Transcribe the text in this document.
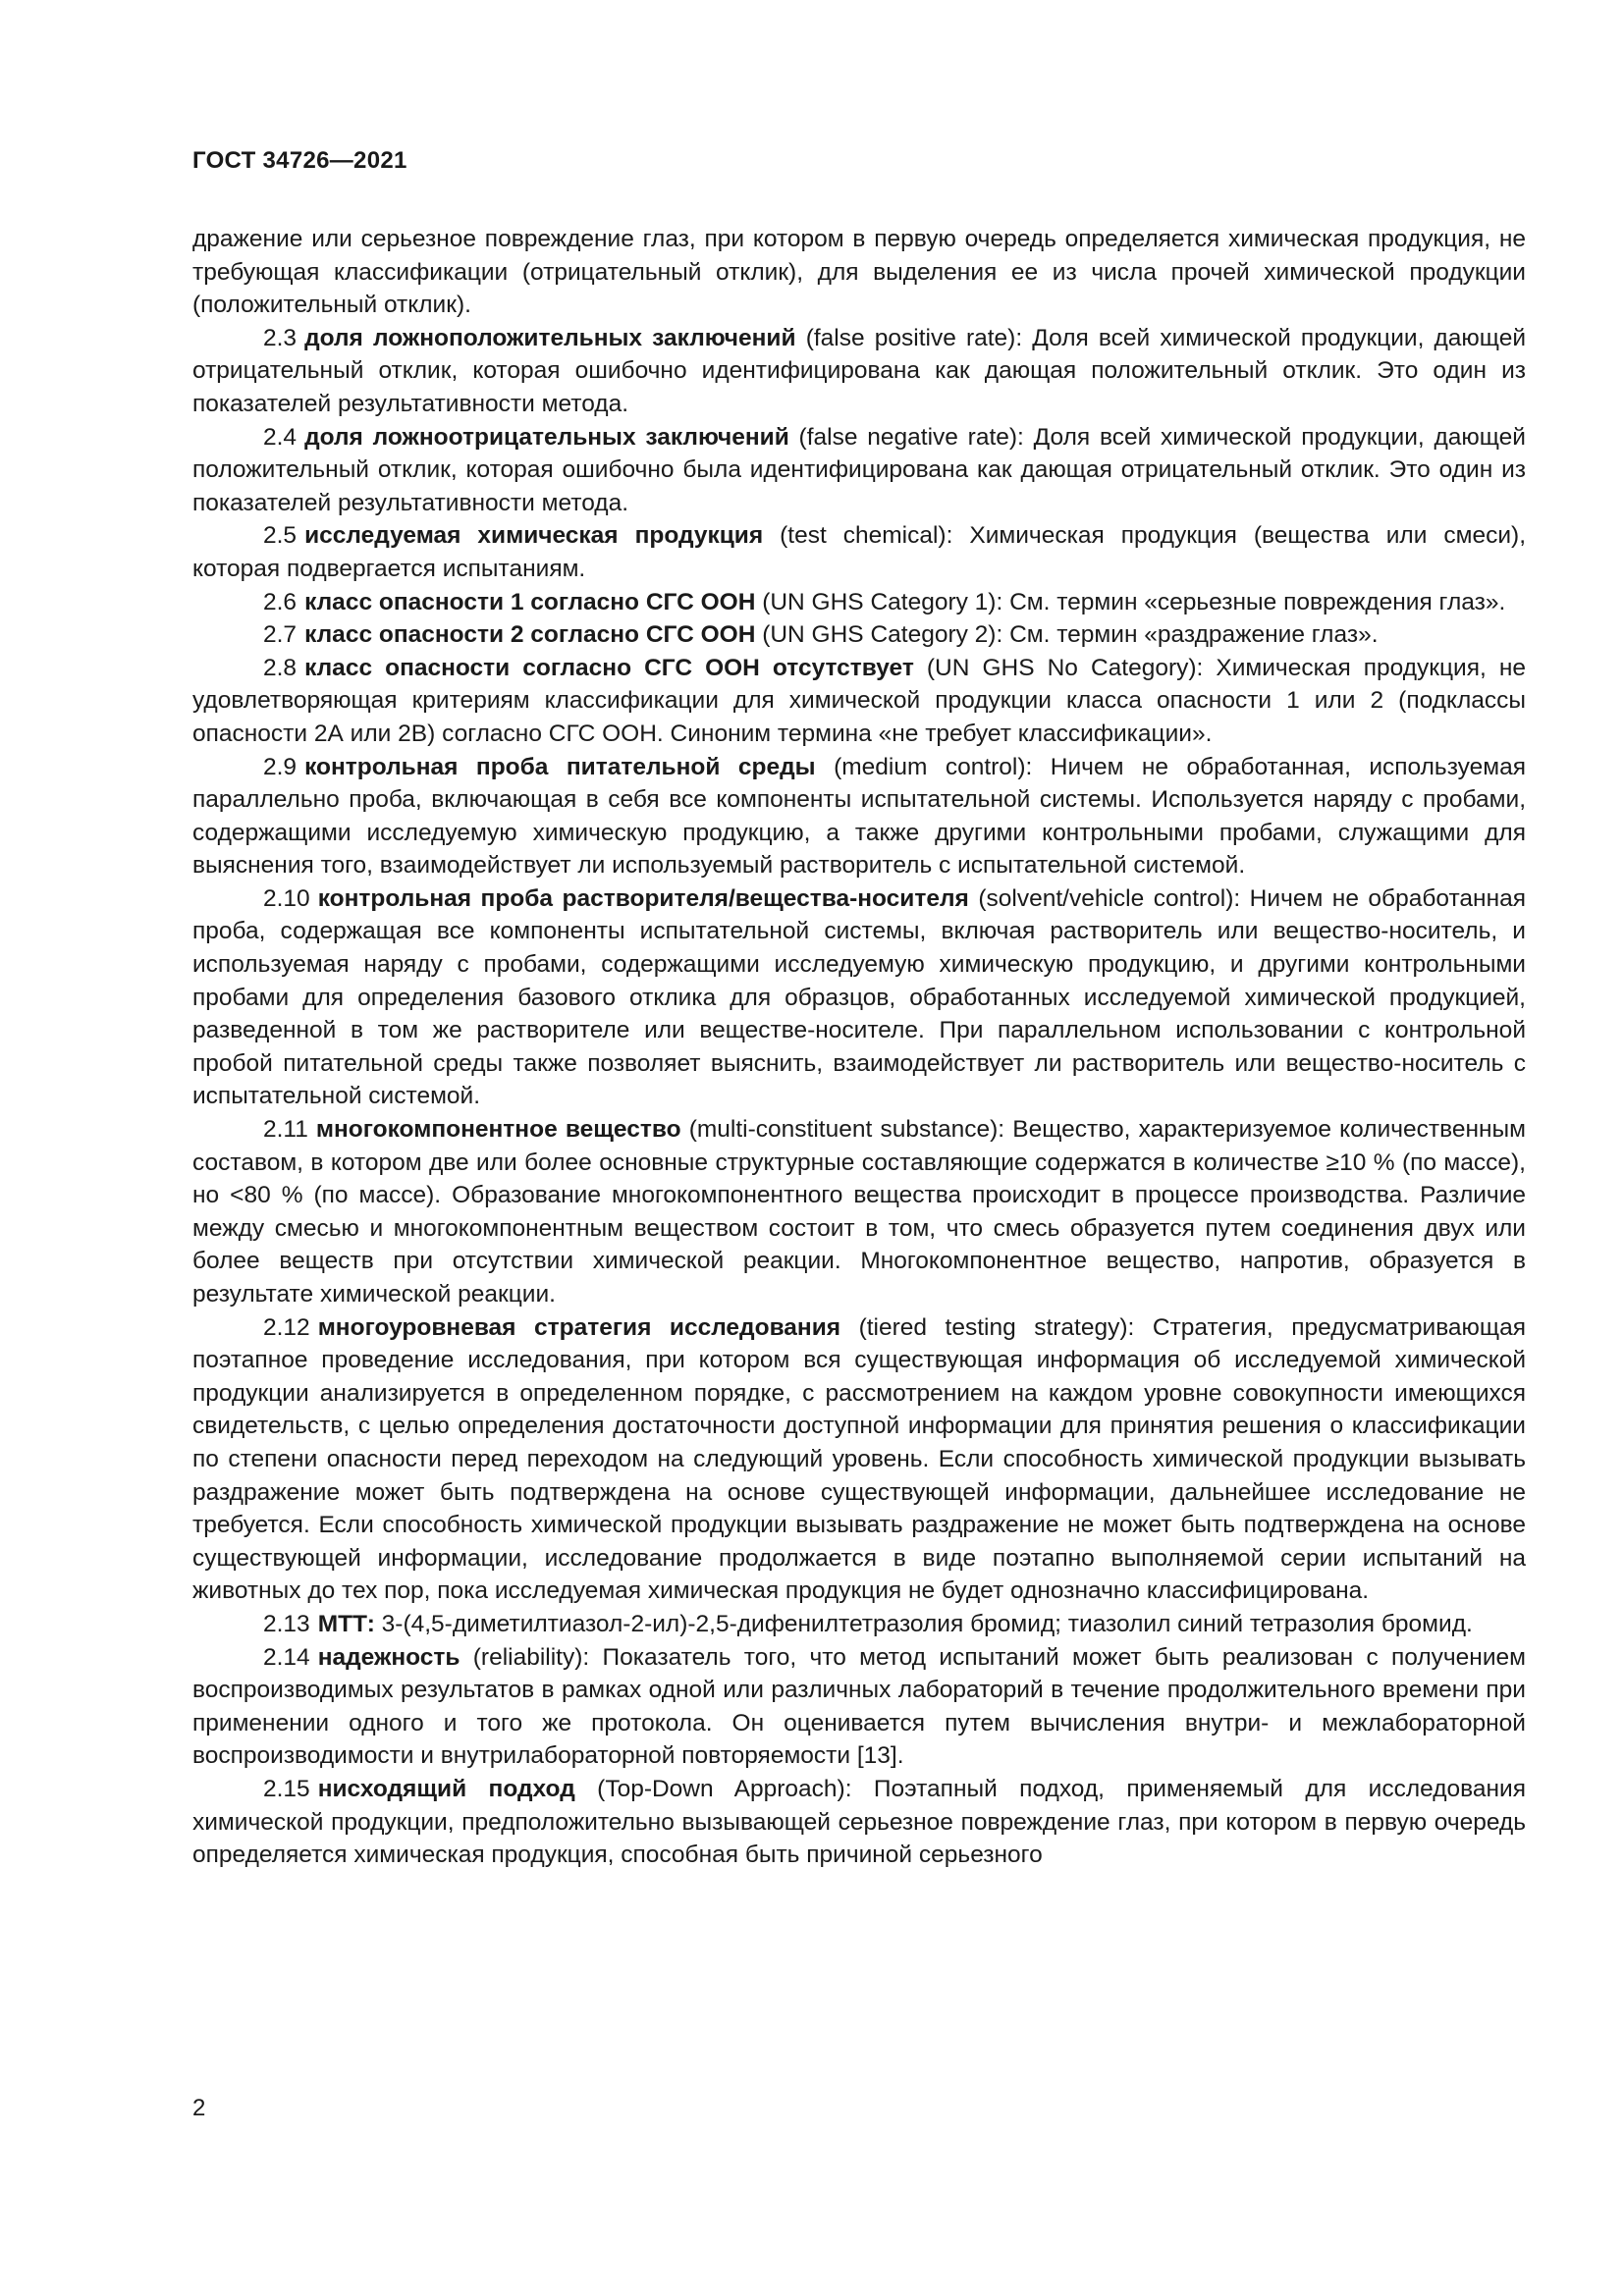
ГОСТ 34726—2021

дражение или серьезное повреждение глаз, при котором в первую очередь определяется химическая продукция, не требующая классификации (отрицательный отклик), для выделения ее из числа прочей химической продукции (положительный отклик).

2.3 доля ложноположительных заключений (false positive rate): Доля всей химической продукции, дающей отрицательный отклик, которая ошибочно идентифицирована как дающая положительный отклик. Это один из показателей результативности метода.

2.4 доля ложноотрицательных заключений (false negative rate): Доля всей химической продукции, дающей положительный отклик, которая ошибочно была идентифицирована как дающая отрицательный отклик. Это один из показателей результативности метода.

2.5 исследуемая химическая продукция (test chemical): Химическая продукция (вещества или смеси), которая подвергается испытаниям.

2.6 класс опасности 1 согласно СГС ООН (UN GHS Category 1): См. термин «серьезные повреждения глаз».

2.7 класс опасности 2 согласно СГС ООН (UN GHS Category 2): См. термин «раздражение глаз».

2.8 класс опасности согласно СГС ООН отсутствует (UN GHS No Category): Химическая продукция, не удовлетворяющая критериям классификации для химической продукции класса опасности 1 или 2 (подклассы опасности 2А или 2В) согласно СГС ООН. Синоним термина «не требует классификации».

2.9 контрольная проба питательной среды (medium control): Ничем не обработанная, используемая параллельно проба, включающая в себя все компоненты испытательной системы. Используется наряду с пробами, содержащими исследуемую химическую продукцию, а также другими контрольными пробами, служащими для выяснения того, взаимодействует ли используемый растворитель с испытательной системой.

2.10 контрольная проба растворителя/вещества-носителя (solvent/vehicle control): Ничем не обработанная проба, содержащая все компоненты испытательной системы, включая растворитель или вещество-носитель, и используемая наряду с пробами, содержащими исследуемую химическую продукцию, и другими контрольными пробами для определения базового отклика для образцов, обработанных исследуемой химической продукцией, разведенной в том же растворителе или веществе-носителе. При параллельном использовании с контрольной пробой питательной среды также позволяет выяснить, взаимодействует ли растворитель или вещество-носитель с испытательной системой.

2.11 многокомпонентное вещество (multi-constituent substance): Вещество, характеризуемое количественным составом, в котором две или более основные структурные составляющие содержатся в количестве ≥10 % (по массе), но <80 % (по массе). Образование многокомпонентного вещества происходит в процессе производства. Различие между смесью и многокомпонентным веществом состоит в том, что смесь образуется путем соединения двух или более веществ при отсутствии химической реакции. Многокомпонентное вещество, напротив, образуется в результате химической реакции.

2.12 многоуровневая стратегия исследования (tiered testing strategy): Стратегия, предусматривающая поэтапное проведение исследования, при котором вся существующая информация об исследуемой химической продукции анализируется в определенном порядке, с рассмотрением на каждом уровне совокупности имеющихся свидетельств, с целью определения достаточности доступной информации для принятия решения о классификации по степени опасности перед переходом на следующий уровень. Если способность химической продукции вызывать раздражение может быть подтверждена на основе существующей информации, дальнейшее исследование не требуется. Если способность химической продукции вызывать раздражение не может быть подтверждена на основе существующей информации, исследование продолжается в виде поэтапно выполняемой серии испытаний на животных до тех пор, пока исследуемая химическая продукция не будет однозначно классифицирована.

2.13 МТТ: 3-(4,5-диметилтиазол-2-ил)-2,5-дифенилтетразолия бромид; тиазолил синий тетразолия бромид.

2.14 надежность (reliability): Показатель того, что метод испытаний может быть реализован с получением воспроизводимых результатов в рамках одной или различных лабораторий в течение продолжительного времени при применении одного и того же протокола. Он оценивается путем вычисления внутри- и межлабораторной воспроизводимости и внутрилабораторной повторяемости [13].

2.15 нисходящий подход (Top-Down Approach): Поэтапный подход, применяемый для исследования химической продукции, предположительно вызывающей серьезное повреждение глаз, при котором в первую очередь определяется химическая продукция, способная быть причиной серьезного

2
